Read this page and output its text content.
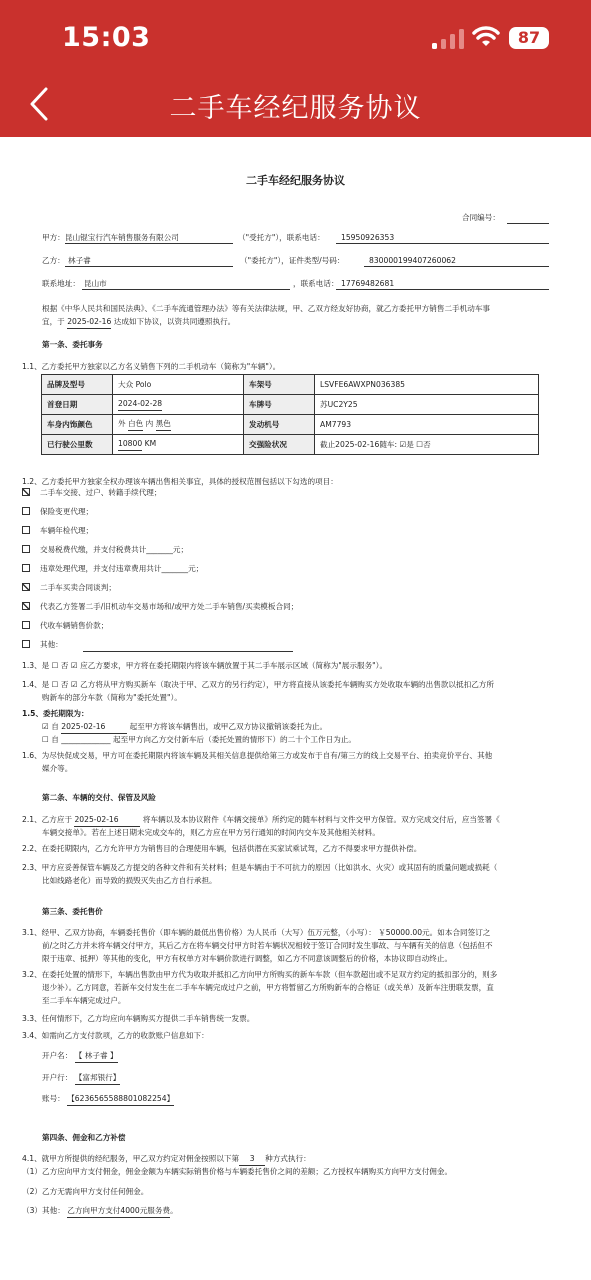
15:03	87
二手车经纪服务协议
二手车经纪服务协议
合同编号：
甲方： 昆山锟宝行汽车销售服务有限公司	（"受托方"），联系电话： 15950926353
乙方： 林子睿	（"委托方"），证件类型/号码：	830000199407260062
联系地址： 昆山市	，联系电话： 17769482681
根据《中华人民共和国民法典》、《二手车流通管理办法》等有关法律法规，甲、乙双方经友好协商，就乙方委托甲方销售二手机动车事
宜，于 2025-02-16 达成如下协议，以资共同遵照执行。
第一条、委托事务
1.1、乙方委托甲方独家以乙方名义销售下列的二手机动车（简称为"车辆"）。
品牌及型号	大众 Polo	车架号	LSVFE6AWXPN036385
首登日期	2024-02-28	车牌号	苏UC2Y25
车身内饰颜色	外 白色 内 黑色	发动机号	AM7793
已行驶公里数	10800 KM	交强险状况	截止2025-02-16随车: ☑是 ☐否
1.2、乙方委托甲方独家全权办理该车辆出售相关事宜，具体的授权范围包括以下勾选的项目：
二手车交接、过户、转籍手续代理；
保险变更代理；
车辆年检代理；
交易税费代缴，并支付税费共计_______元；
违章处理代理，并支付违章费用共计_______元；
二手车买卖合同谈判；
代表乙方签署二手/旧机动车交易市场和/或甲方处二手车销售/买卖模板合同；
代收车辆销售价款；
其他：
1.3、是 ☐ 否 ☑ 应乙方要求，甲方将在委托期限内将该车辆放置于其二手车展示区域（简称为"展示服务"）。
1.4、是 ☐ 否 ☑ 乙方将从甲方购买新车（取决于甲、乙双方的另行约定），甲方将直接从该委托车辆购买方处收取车辆的出售款以抵扣乙方所
购新车的部分车款（简称为"委托处置"）。
1.5、委托期限为：
☑ 自 2025-02-16	起至甲方将该车辆售出，或甲乙双方协议撤销该委托为止。
☐ 自 _____________ 起至甲方向乙方交付新车后（委托处置的情形下）的二十个工作日为止。
1.6、为尽快促成交易，甲方可在委托期限内将该车辆及其相关信息提供给第三方或发布于自有/第三方的线上交易平台、拍卖竞价平台、其他
媒介等。
第二条、车辆的交付、保管及风险
2.1、乙方应于 2025-02-16	将车辆以及本协议附件《车辆交接单》所约定的随车材料与文件交甲方保管。双方完成交付后，应当签署《
车辆交接单》。若在上述日期未完成交车的，则乙方应在甲方另行通知的时间内交车及其他相关材料。
2.2、在委托期限内，乙方允许甲方为销售目的合理使用车辆，包括供潜在买家试乘试驾，乙方不得要求甲方提供补偿。
2.3、甲方应妥善保管车辆及乙方提交的各种文件和有关材料；但是车辆由于不可抗力的原因（比如洪水、火灾）或其固有的质量问题或损耗（
比如线路老化）而导致的损毁灭失由乙方自行承担。
第三条、委托售价
3.1、经甲、乙双方协商，车辆委托售价（即车辆的最低出售价格）为人民币（大写）伍万元整，（小写）： ￥50000.00元。如本合同签订之
前/之时乙方并未将车辆交付甲方，其后乙方在将车辆交付甲方时若车辆状况相较于签订合同时发生事故、与车辆有关的信息（包括但不
限于违章、抵押）等其他的变化，甲方有权单方对车辆价款进行调整，如乙方不同意该调整后的价格，本协议即自动终止。
3.2、在委托处置的情形下，车辆出售款由甲方代为收取并抵扣乙方向甲方所购买的新车车款（但车款超出或不足双方约定的抵扣部分的，则多
退少补）。乙方同意，若新车交付发生在二手车车辆完成过户之前，甲方将暂留乙方所购新车的合格证（或关单）及新车注册联发票，直
至二手车车辆完成过户。
3.3、任何情形下，乙方均应向车辆购买方提供二手车销售统一发票。
3.4、如需向乙方支付款项，乙方的收款账户信息如下：
开户名： 【 林子睿 】
开户行： 【富邦银行】
账号： 【6236565588801082254】
第四条、佣金和乙方补偿
4.1、就甲方所提供的经纪服务，甲乙双方约定对佣金按照以下第 3 种方式执行：
（1）乙方应向甲方支付佣金，佣金金额为车辆实际销售价格与车辆委托售价之间的差额；乙方授权车辆购买方向甲方支付佣金。
（2）乙方无需向甲方支付任何佣金。
（3）其他： 乙方向甲方支付4000元服务费。
